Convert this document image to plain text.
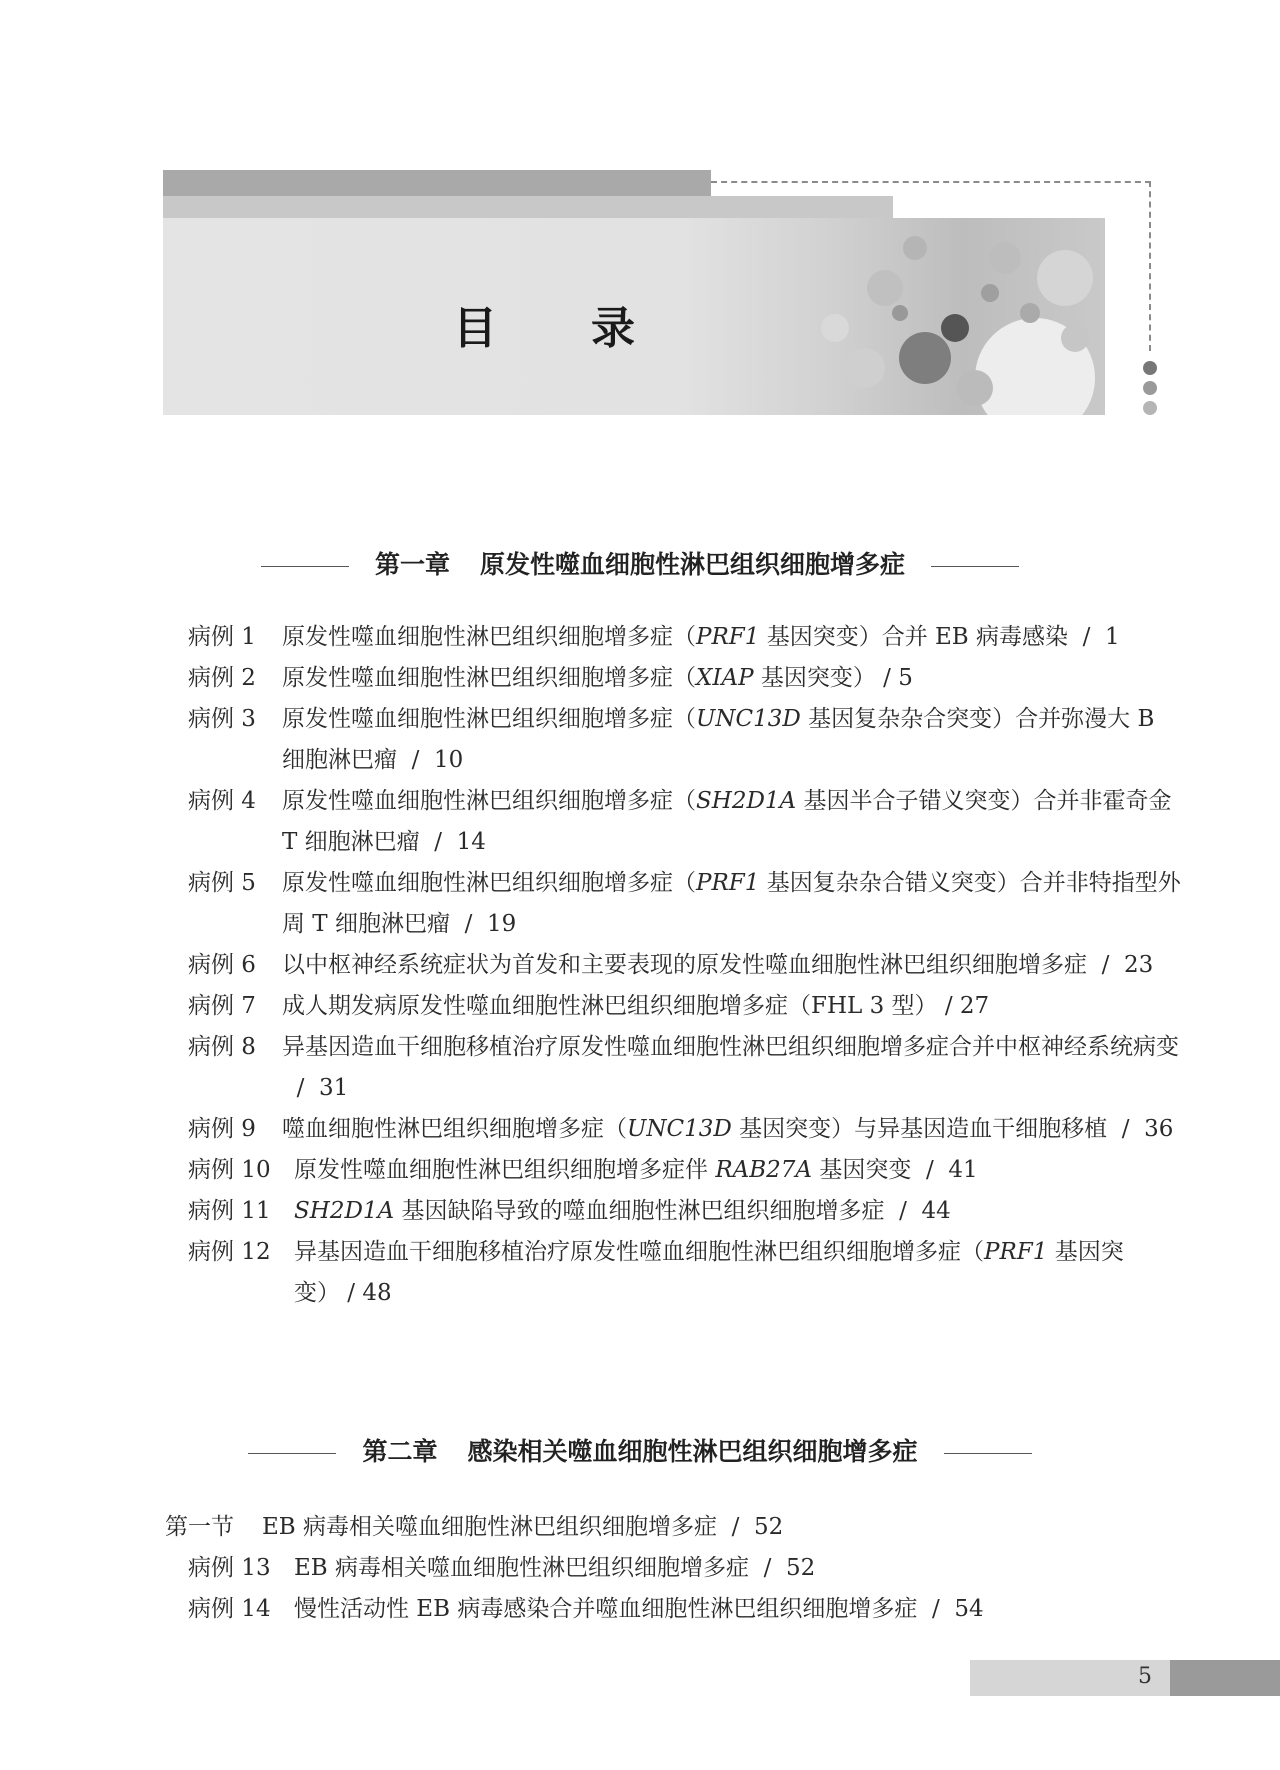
目 录
第一章 原发性噬血细胞性淋巴组织细胞增多症
病例 1	原发性噬血细胞性淋巴组织细胞增多症（PRF1 基因突变）合并 EB 病毒感染  /  1
病例 2	原发性噬血细胞性淋巴组织细胞增多症（XIAP 基因突变） / 5
病例 3	原发性噬血细胞性淋巴组织细胞增多症（UNC13D 基因复杂杂合突变）合并弥漫大 B 细胞淋巴瘤  /  10
病例 4	原发性噬血细胞性淋巴组织细胞增多症（SH2D1A 基因半合子错义突变）合并非霍奇金 T 细胞淋巴瘤  /  14
病例 5	原发性噬血细胞性淋巴组织细胞增多症（PRF1 基因复杂杂合错义突变）合并非特指型外周 T 细胞淋巴瘤  /  19
病例 6	以中枢神经系统症状为首发和主要表现的原发性噬血细胞性淋巴组织细胞增多症  /  23
病例 7	成人期发病原发性噬血细胞性淋巴组织细胞增多症（FHL 3 型） / 27
病例 8	异基因造血干细胞移植治疗原发性噬血细胞性淋巴组织细胞增多症合并中枢神经系统病变  /  31
病例 9	噬血细胞性淋巴组织细胞增多症（UNC13D 基因突变）与异基因造血干细胞移植  /  36
病例 10	原发性噬血细胞性淋巴组织细胞增多症伴 RAB27A 基因突变  /  41
病例 11	SH2D1A 基因缺陷导致的噬血细胞性淋巴组织细胞增多症  /  44
病例 12	异基因造血干细胞移植治疗原发性噬血细胞性淋巴组织细胞增多症（PRF1 基因突变） / 48
第二章 感染相关噬血细胞性淋巴组织细胞增多症
第一节 EB 病毒相关噬血细胞性淋巴组织细胞增多症  /  52
病例 13	EB 病毒相关噬血细胞性淋巴组织细胞增多症  /  52
病例 14	慢性活动性 EB 病毒感染合并噬血细胞性淋巴组织细胞增多症  /  54
5
